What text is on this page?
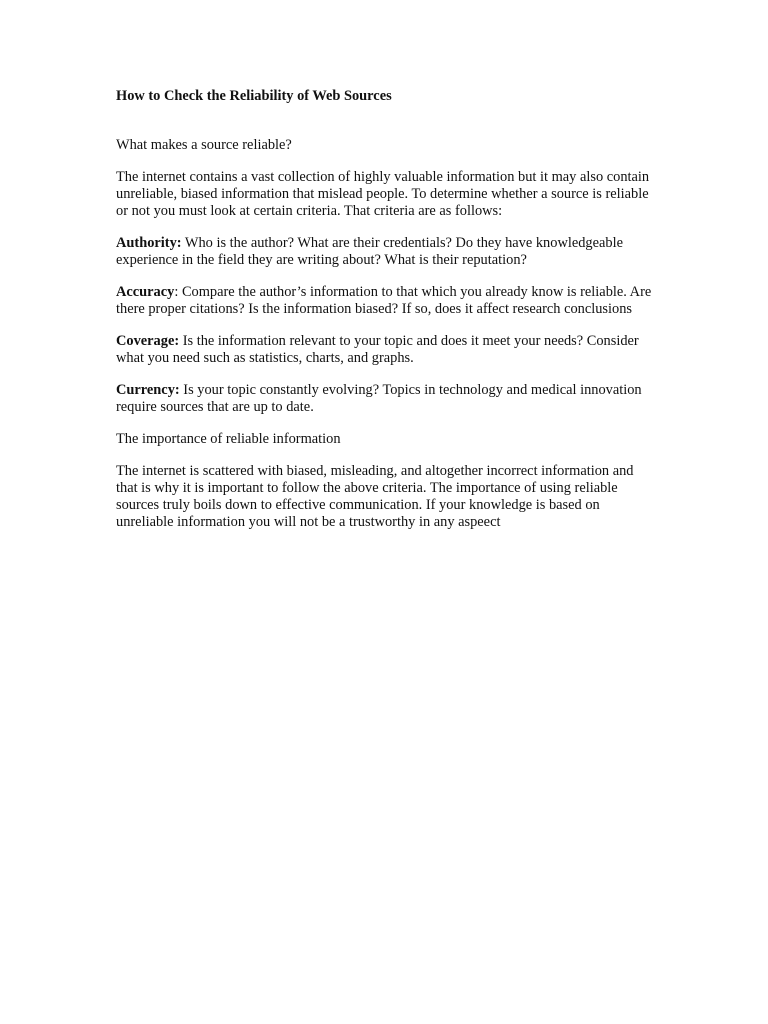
How to Check the Reliability of Web Sources
What makes a source reliable?
The internet contains a vast collection of highly valuable information but it may also contain unreliable, biased information that mislead people. To determine whether a source is reliable or not you must look at certain criteria. That criteria are as follows:
Authority: Who is the author? What are their credentials? Do they have knowledgeable experience in the field they are writing about? What is their reputation?
Accuracy: Compare the author’s information to that which you already know is reliable. Are there proper citations? Is the information biased? If so, does it affect research conclusions
Coverage: Is the information relevant to your topic and does it meet your needs? Consider what you need such as statistics, charts, and graphs.
Currency: Is your topic constantly evolving? Topics in technology and medical innovation require sources that are up to date.
The importance of reliable information
The internet is scattered with biased, misleading, and altogether incorrect information and that is why it is important to follow the above criteria. The importance of using reliable sources truly boils down to effective communication. If your knowledge is based on unreliable information you will not be a trustworthy in any aspeect
